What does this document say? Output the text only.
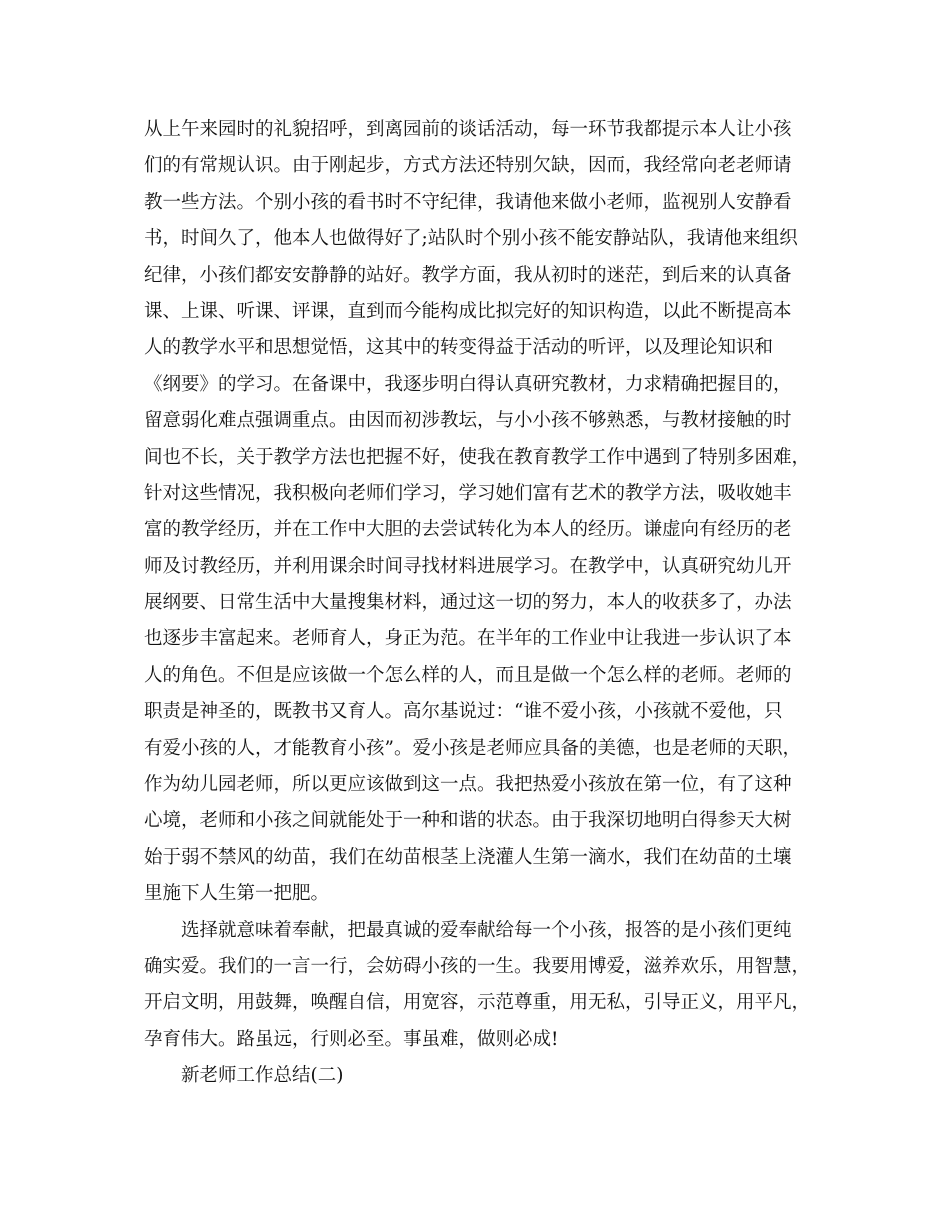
从上午来园时的礼貌招呼，到离园前的谈话活动，每一环节我都提示本人让小孩
们的有常规认识。由于刚起步，方式方法还特别欠缺，因而，我经常向老老师请
教一些方法。个别小孩的看书时不守纪律，我请他来做小老师，监视别人安静看
书，时间久了，他本人也做得好了;站队时个别小孩不能安静站队，我请他来组织
纪律，小孩们都安安静静的站好。教学方面，我从初时的迷茫，到后来的认真备
课、上课、听课、评课，直到而今能构成比拟完好的知识构造，以此不断提高本
人的教学水平和思想觉悟，这其中的转变得益于活动的听评，以及理论知识和
《纲要》的学习。在备课中，我逐步明白得认真研究教材，力求精确把握目的，
留意弱化难点强调重点。由因而初涉教坛，与小小孩不够熟悉，与教材接触的时
间也不长，关于教学方法也把握不好，使我在教育教学工作中遇到了特别多困难，
针对这些情况，我积极向老师们学习，学习她们富有艺术的教学方法，吸收她丰
富的教学经历，并在工作中大胆的去尝试转化为本人的经历。谦虚向有经历的老
师及讨教经历，并利用课余时间寻找材料进展学习。在教学中，认真研究幼儿开
展纲要、日常生活中大量搜集材料，通过这一切的努力，本人的收获多了，办法
也逐步丰富起来。老师育人，身正为范。在半年的工作业中让我进一步认识了本
人的角色。不但是应该做一个怎么样的人，而且是做一个怎么样的老师。老师的
职责是神圣的，既教书又育人。高尔基说过：“谁不爱小孩，小孩就不爱他，只
有爱小孩的人，才能教育小孩”。爱小孩是老师应具备的美德，也是老师的天职，
作为幼儿园老师，所以更应该做到这一点。我把热爱小孩放在第一位，有了这种
心境，老师和小孩之间就能处于一种和谐的状态。由于我深切地明白得参天大树
始于弱不禁风的幼苗，我们在幼苗根茎上浇灌人生第一滴水，我们在幼苗的土壤
里施下人生第一把肥。
选择就意味着奉献，把最真诚的爱奉献给每一个小孩，报答的是小孩们更纯
确实爱。我们的一言一行，会妨碍小孩的一生。我要用博爱，滋养欢乐，用智慧，
开启文明，用鼓舞，唤醒自信，用宽容，示范尊重，用无私，引导正义，用平凡，
孕育伟大。路虽远，行则必至。事虽难，做则必成!
新老师工作总结(二)
